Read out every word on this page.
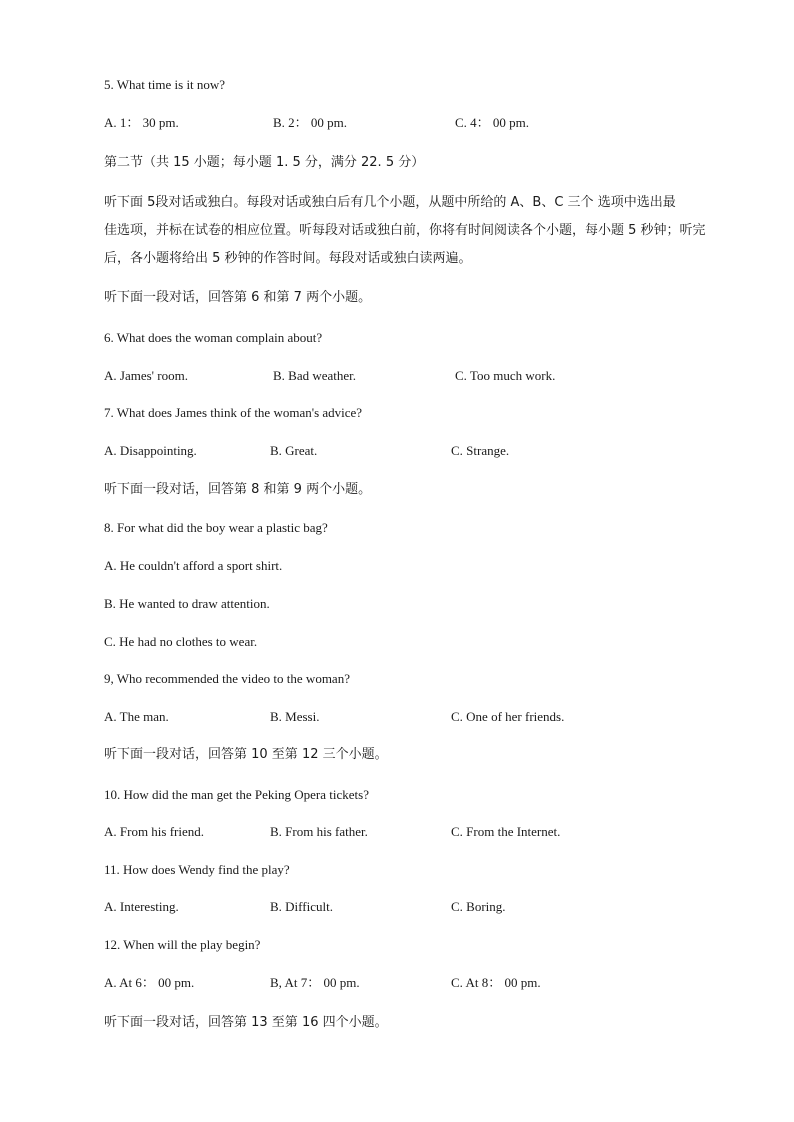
5. What time is it now?
A. 1： 30 pm.	B. 2： 00 pm.	C. 4： 00 pm.
第二节（共 15 小题；每小题 1. 5 分，满分 22. 5 分）
听下面 5段对话或独白。每段对话或独白后有几个小题，从题中所给的 A、B、C 三个 选项中选出最
佳选项，并标在试卷的相应位置。听每段对话或独白前，你将有时间阅读各个小题，每小题 5 秒钟；听完
后，各小题将给出 5 秒钟的作答时间。每段对话或独白读两遍。
听下面一段对话，回答第 6 和第 7 两个小题。
6. What does the woman complain about?
A. James' room.	B. Bad weather.	C. Too much work.
7. What does James think of the woman's advice?
A. Disappointing.	B. Great.	C. Strange.
听下面一段对话，回答第 8 和第 9 两个小题。
8. For what did the boy wear a plastic bag?
A. He couldn't afford a sport shirt.
B. He wanted to draw attention.
C. He had no clothes to wear.
9, Who recommended the video to the woman?
A. The man.	B. Messi.	C. One of her friends.
听下面一段对话，回答第 10 至第 12 三个小题。
10. How did the man get the Peking Opera tickets?
A. From his friend.	B. From his father.	C. From the Internet.
11. How does Wendy find the play?
A. Interesting.	B. Difficult.	C. Boring.
12. When will the play begin?
A. At 6： 00 pm.	B, At 7： 00 pm.	C. At 8： 00 pm.
听下面一段对话，回答第 13 至第 16 四个小题。
